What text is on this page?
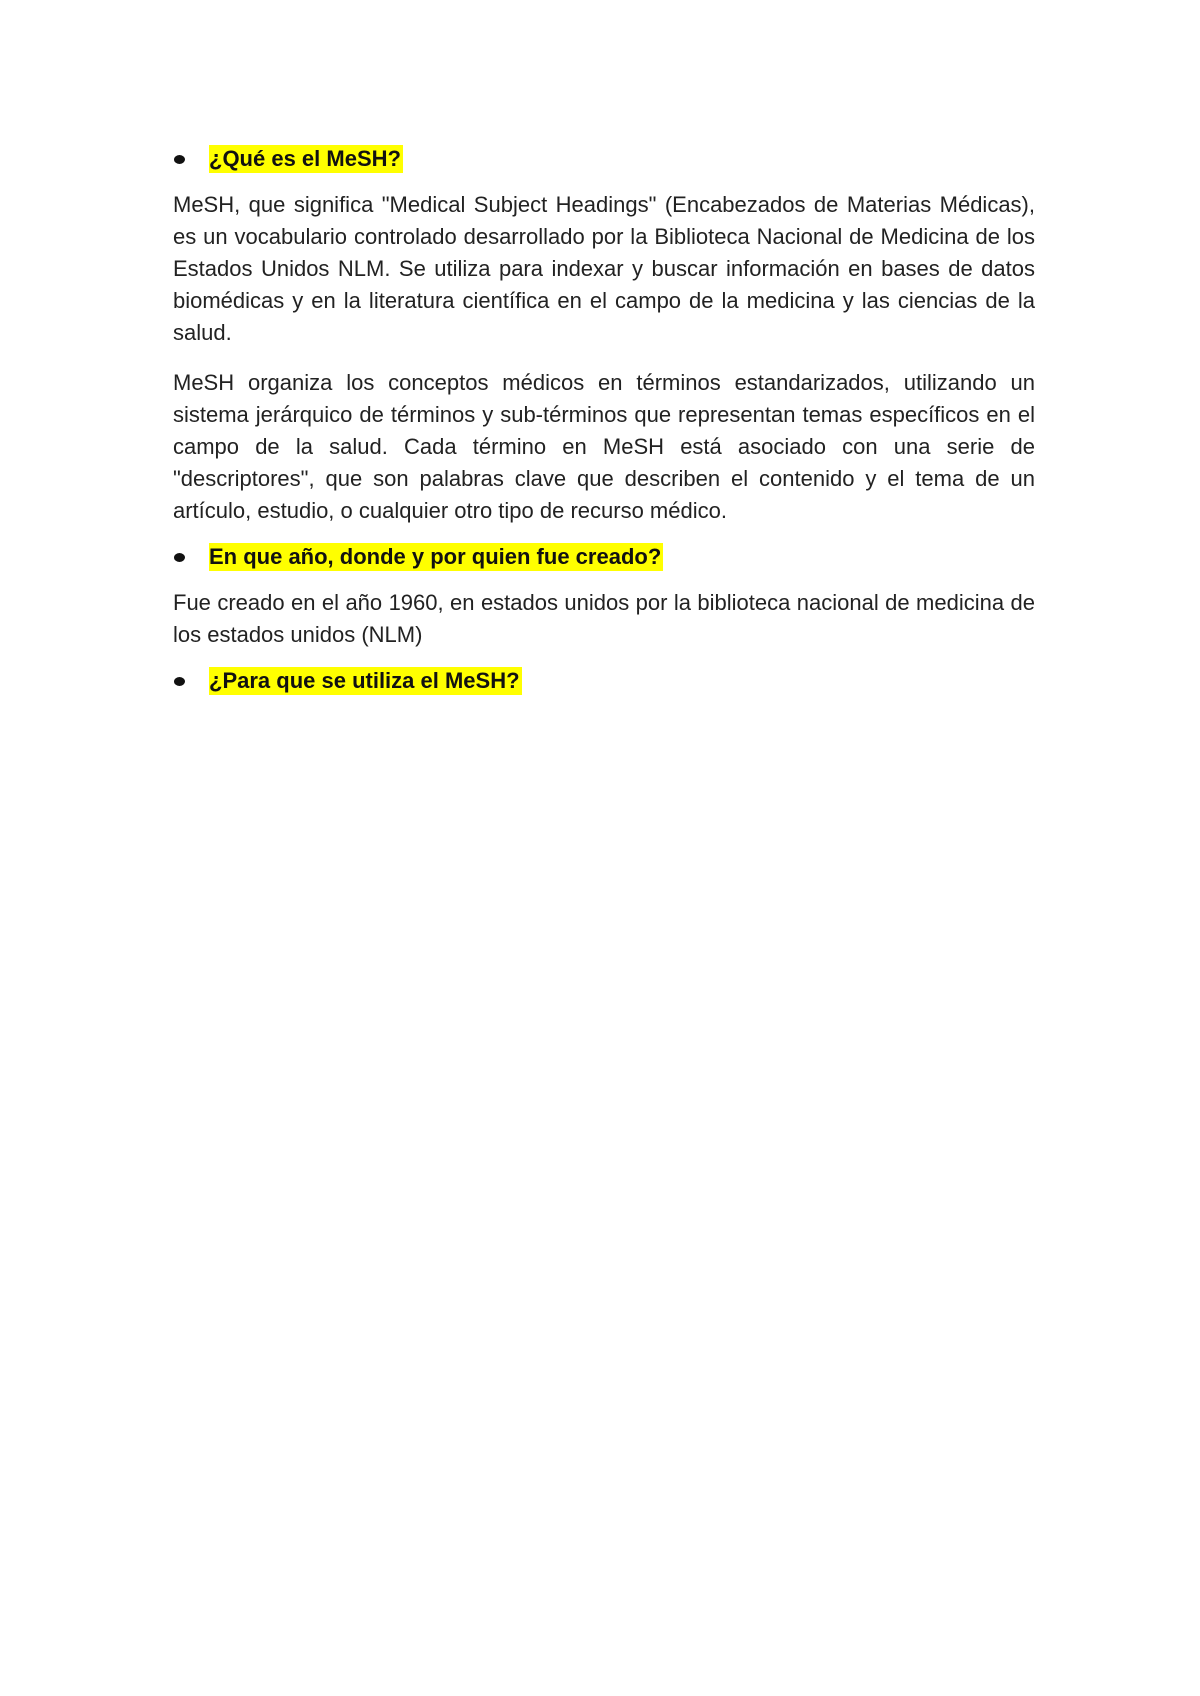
¿Qué es el MeSH?

MeSH, que significa "Medical Subject Headings" (Encabezados de Materias Médicas), es un vocabulario controlado desarrollado por la Biblioteca Nacional de Medicina de los Estados Unidos NLM. Se utiliza para indexar y buscar información en bases de datos biomédicas y en la literatura científica en el campo de la medicina y las ciencias de la salud.

MeSH organiza los conceptos médicos en términos estandarizados, utilizando un sistema jerárquico de términos y sub-términos que representan temas específicos en el campo de la salud. Cada término en MeSH está asociado con una serie de "descriptores", que son palabras clave que describen el contenido y el tema de un artículo, estudio, o cualquier otro tipo de recurso médico.

En que año, donde y por quien fue creado?

Fue creado en el año 1960, en estados unidos por la biblioteca nacional de medicina de los estados unidos (NLM)

¿Para que se utiliza el MeSH?
